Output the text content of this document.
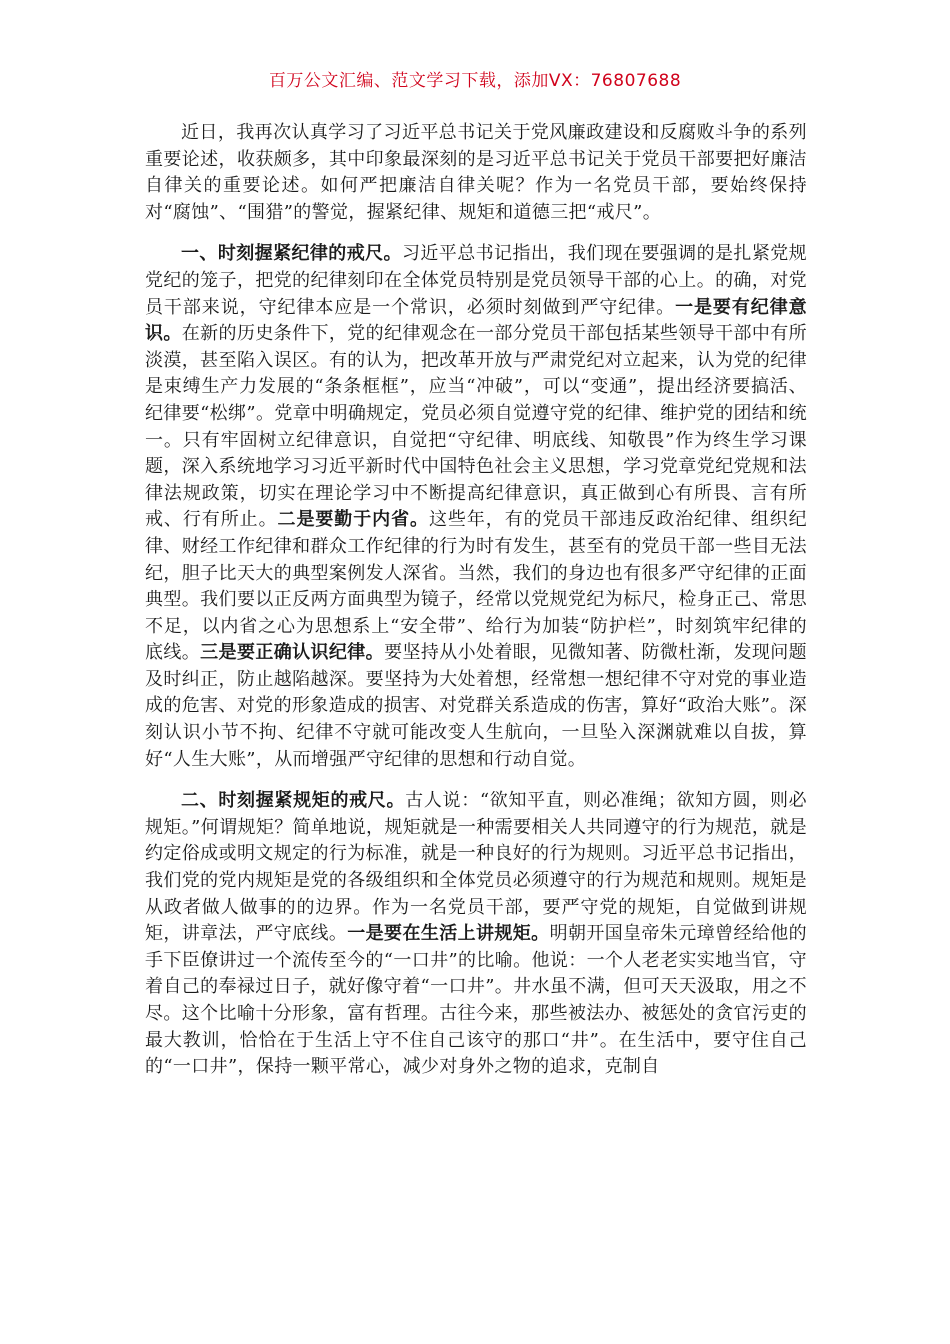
百万公文汇编、范文学习下载，添加VX：76807688

近日，我再次认真学习了习近平总书记关于党风廉政建设和反腐败斗争的系列重要论述，收获颇多，其中印象最深刻的是习近平总书记关于党员干部要把好廉洁自律关的重要论述。如何严把廉洁自律关呢？作为一名党员干部，要始终保持对“腐蚀”、“围猎”的警觉，握紧纪律、规矩和道德三把“戒尺”。

一、时刻握紧纪律的戒尺。习近平总书记指出，我们现在要强调的是扎紧党规党纪的笼子，把党的纪律刻印在全体党员特别是党员领导干部的心上。的确，对党员干部来说，守纪律本应是一个常识，必须时刻做到严守纪律。一是要有纪律意识。在新的历史条件下，党的纪律观念在一部分党员干部包括某些领导干部中有所淡漠，甚至陷入误区。有的认为，把改革开放与严肃党纪对立起来，认为党的纪律是束缚生产力发展的“条条框框”，应当“冲破”，可以“变通”，提出经济要搞活、纪律要“松绑”。党章中明确规定，党员必须自觉遵守党的纪律、维护党的团结和统一。只有牢固树立纪律意识，自觉把“守纪律、明底线、知敬畏”作为终生学习课题，深入系统地学习习近平新时代中国特色社会主义思想，学习党章党纪党规和法律法规政策，切实在理论学习中不断提高纪律意识，真正做到心有所畏、言有所戒、行有所止。二是要勤于内省。这些年，有的党员干部违反政治纪律、组织纪律、财经工作纪律和群众工作纪律的行为时有发生，甚至有的党员干部一些目无法纪，胆子比天大的典型案例发人深省。当然，我们的身边也有很多严守纪律的正面典型。我们要以正反两方面典型为镜子，经常以党规党纪为标尺，检身正己、常思不足，以内省之心为思想系上“安全带”、给行为加装“防护栏”，时刻筑牢纪律的底线。三是要正确认识纪律。要坚持从小处着眼，见微知著、防微杜渐，发现问题及时纠正，防止越陷越深。要坚持为大处着想，经常想一想纪律不守对党的事业造成的危害、对党的形象造成的损害、对党群关系造成的伤害，算好“政治大账”。深刻认识小节不拘、纪律不守就可能改变人生航向，一旦坠入深渊就难以自拔，算好“人生大账”，从而增强严守纪律的思想和行动自觉。

二、时刻握紧规矩的戒尺。古人说：“欲知平直，则必准绳；欲知方圆，则必规矩。”何谓规矩？简单地说，规矩就是一种需要相关人共同遵守的行为规范，就是约定俗成或明文规定的行为标准，就是一种良好的行为规则。习近平总书记指出，我们党的党内规矩是党的各级组织和全体党员必须遵守的行为规范和规则。规矩是从政者做人做事的的边界。作为一名党员干部，要严守党的规矩，自觉做到讲规矩，讲章法，严守底线。一是要在生活上讲规矩。明朝开国皇帝朱元璋曾经给他的手下臣僚讲过一个流传至今的“一口井”的比喻。他说：一个人老老实实地当官，守着自己的奉禄过日子，就好像守着“一口井”。井水虽不满，但可天天汲取，用之不尽。这个比喻十分形象，富有哲理。古往今来，那些被法办、被惩处的贪官污吏的最大教训，恰恰在于生活上守不住自己该守的那口“井”。在生活中，要守住自己的“一口井”，保持一颗平常心，减少对身外之物的追求，克制自
